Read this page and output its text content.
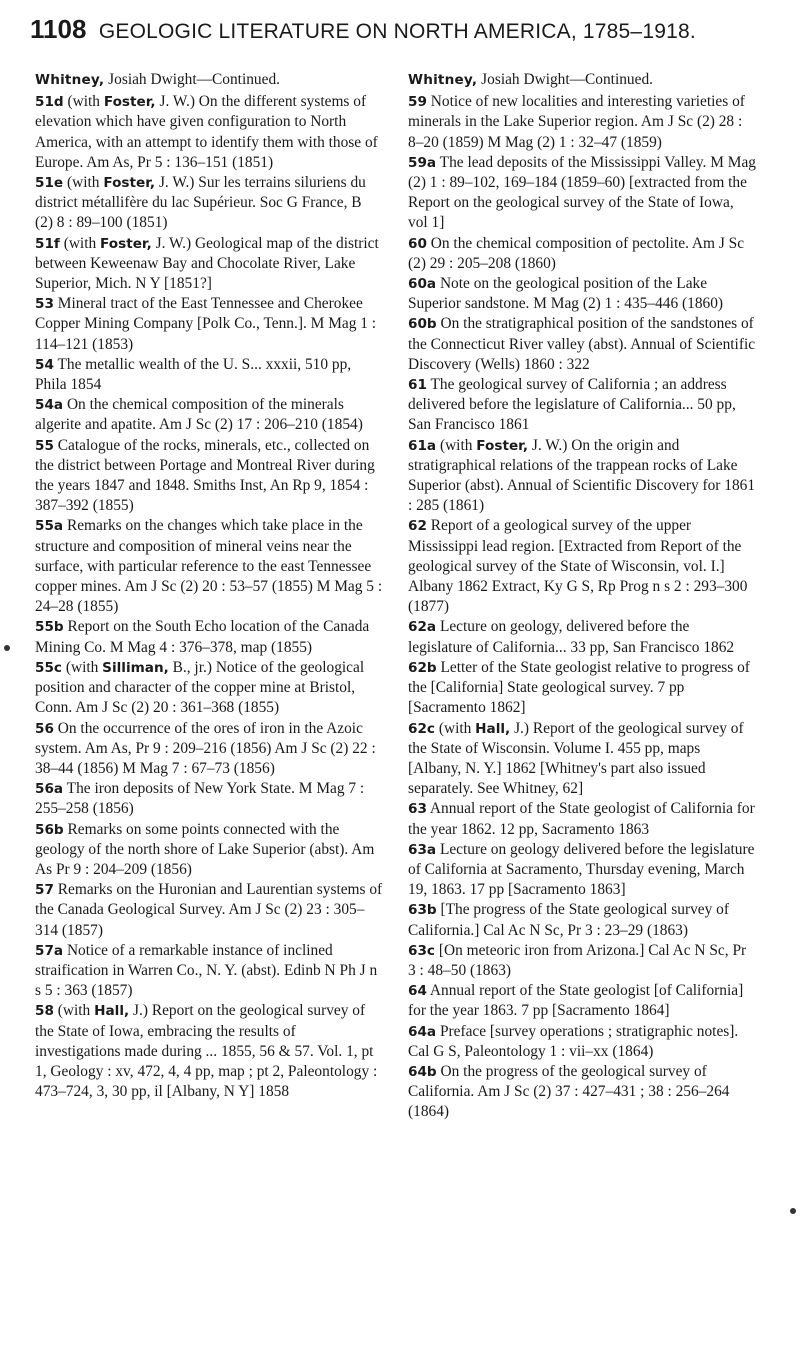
1108 GEOLOGIC LITERATURE ON NORTH AMERICA, 1785–1918.

Whitney, Josiah Dwight—Continued.

51d (with Foster, J. W.) On the different systems of elevation which have given configuration to North America, with an attempt to identify them with those of Europe. Am As, Pr 5 : 136–151 (1851)

51e (with Foster, J. W.) Sur les terrains siluriens du district métallifère du lac Supérieur. Soc G France, B (2) 8 : 89–100 (1851)

51f (with Foster, J. W.) Geological map of the district between Keweenaw Bay and Chocolate River, Lake Superior, Mich. N Y [1851?]

53 Mineral tract of the East Tennessee and Cherokee Copper Mining Company [Polk Co., Tenn.]. M Mag 1 : 114–121 (1853)

54 The metallic wealth of the U. S... xxxii, 510 pp, Phila 1854

54a On the chemical composition of the minerals algerite and apatite. Am J Sc (2) 17 : 206–210 (1854)

55 Catalogue of the rocks, minerals, etc., collected on the district between Portage and Montreal River during the years 1847 and 1848. Smiths Inst, An Rp 9, 1854 : 387–392 (1855)

55a Remarks on the changes which take place in the structure and composition of mineral veins near the surface, with particular reference to the east Tennessee copper mines. Am J Sc (2) 20 : 53–57 (1855) M Mag 5 : 24–28 (1855)

55b Report on the South Echo location of the Canada Mining Co. M Mag 4 : 376–378, map (1855)

55c (with Silliman, B., jr.) Notice of the geological position and character of the copper mine at Bristol, Conn. Am J Sc (2) 20 : 361–368 (1855)

56 On the occurrence of the ores of iron in the Azoic system. Am As, Pr 9 : 209–216 (1856) Am J Sc (2) 22 : 38–44 (1856) M Mag 7 : 67–73 (1856)

56a The iron deposits of New York State. M Mag 7 : 255–258 (1856)

56b Remarks on some points connected with the geology of the north shore of Lake Superior (abst). Am As Pr 9 : 204–209 (1856)

57 Remarks on the Huronian and Laurentian systems of the Canada Geological Survey. Am J Sc (2) 23 : 305–314 (1857)

57a Notice of a remarkable instance of inclined straification in Warren Co., N. Y. (abst). Edinb N Ph J n s 5 : 363 (1857)

58 (with Hall, J.) Report on the geological survey of the State of Iowa, embracing the results of investigations made during ... 1855, 56 & 57. Vol. 1, pt 1, Geology : xv, 472, 4, 4 pp, map ; pt 2, Paleontology : 473–724, 3, 30 pp, il [Albany, N Y] 1858

Whitney, Josiah Dwight—Continued.

59 Notice of new localities and interesting varieties of minerals in the Lake Superior region. Am J Sc (2) 28 : 8–20 (1859) M Mag (2) 1 : 32–47 (1859)

59a The lead deposits of the Mississippi Valley. M Mag (2) 1 : 89–102, 169–184 (1859–60) [extracted from the Report on the geological survey of the State of Iowa, vol 1]

60 On the chemical composition of pectolite. Am J Sc (2) 29 : 205–208 (1860)

60a Note on the geological position of the Lake Superior sandstone. M Mag (2) 1 : 435–446 (1860)

60b On the stratigraphical position of the sandstones of the Connecticut River valley (abst). Annual of Scientific Discovery (Wells) 1860 : 322

61 The geological survey of California ; an address delivered before the legislature of California... 50 pp, San Francisco 1861

61a (with Foster, J. W.) On the origin and stratigraphical relations of the trappean rocks of Lake Superior (abst). Annual of Scientific Discovery for 1861 : 285 (1861)

62 Report of a geological survey of the upper Mississippi lead region. [Extracted from Report of the geological survey of the State of Wisconsin, vol. I.] Albany 1862 Extract, Ky G S, Rp Prog n s 2 : 293–300 (1877)

62a Lecture on geology, delivered before the legislature of California... 33 pp, San Francisco 1862

62b Letter of the State geologist relative to progress of the [California] State geological survey. 7 pp [Sacramento 1862]

62c (with Hall, J.) Report of the geological survey of the State of Wisconsin. Volume I. 455 pp, maps [Albany, N. Y.] 1862 [Whitney's part also issued separately. See Whitney, 62]

63 Annual report of the State geologist of California for the year 1862. 12 pp, Sacramento 1863

63a Lecture on geology delivered before the legislature of California at Sacramento, Thursday evening, March 19, 1863. 17 pp [Sacramento 1863]

63b [The progress of the State geological survey of California.] Cal Ac N Sc, Pr 3 : 23–29 (1863)

63c [On meteoric iron from Arizona.] Cal Ac N Sc, Pr 3 : 48–50 (1863)

64 Annual report of the State geologist [of California] for the year 1863. 7 pp [Sacramento 1864]

64a Preface [survey operations ; stratigraphic notes]. Cal G S, Paleontology 1 : vii–xx (1864)

64b On the progress of the geological survey of California. Am J Sc (2) 37 : 427–431 ; 38 : 256–264 (1864)
